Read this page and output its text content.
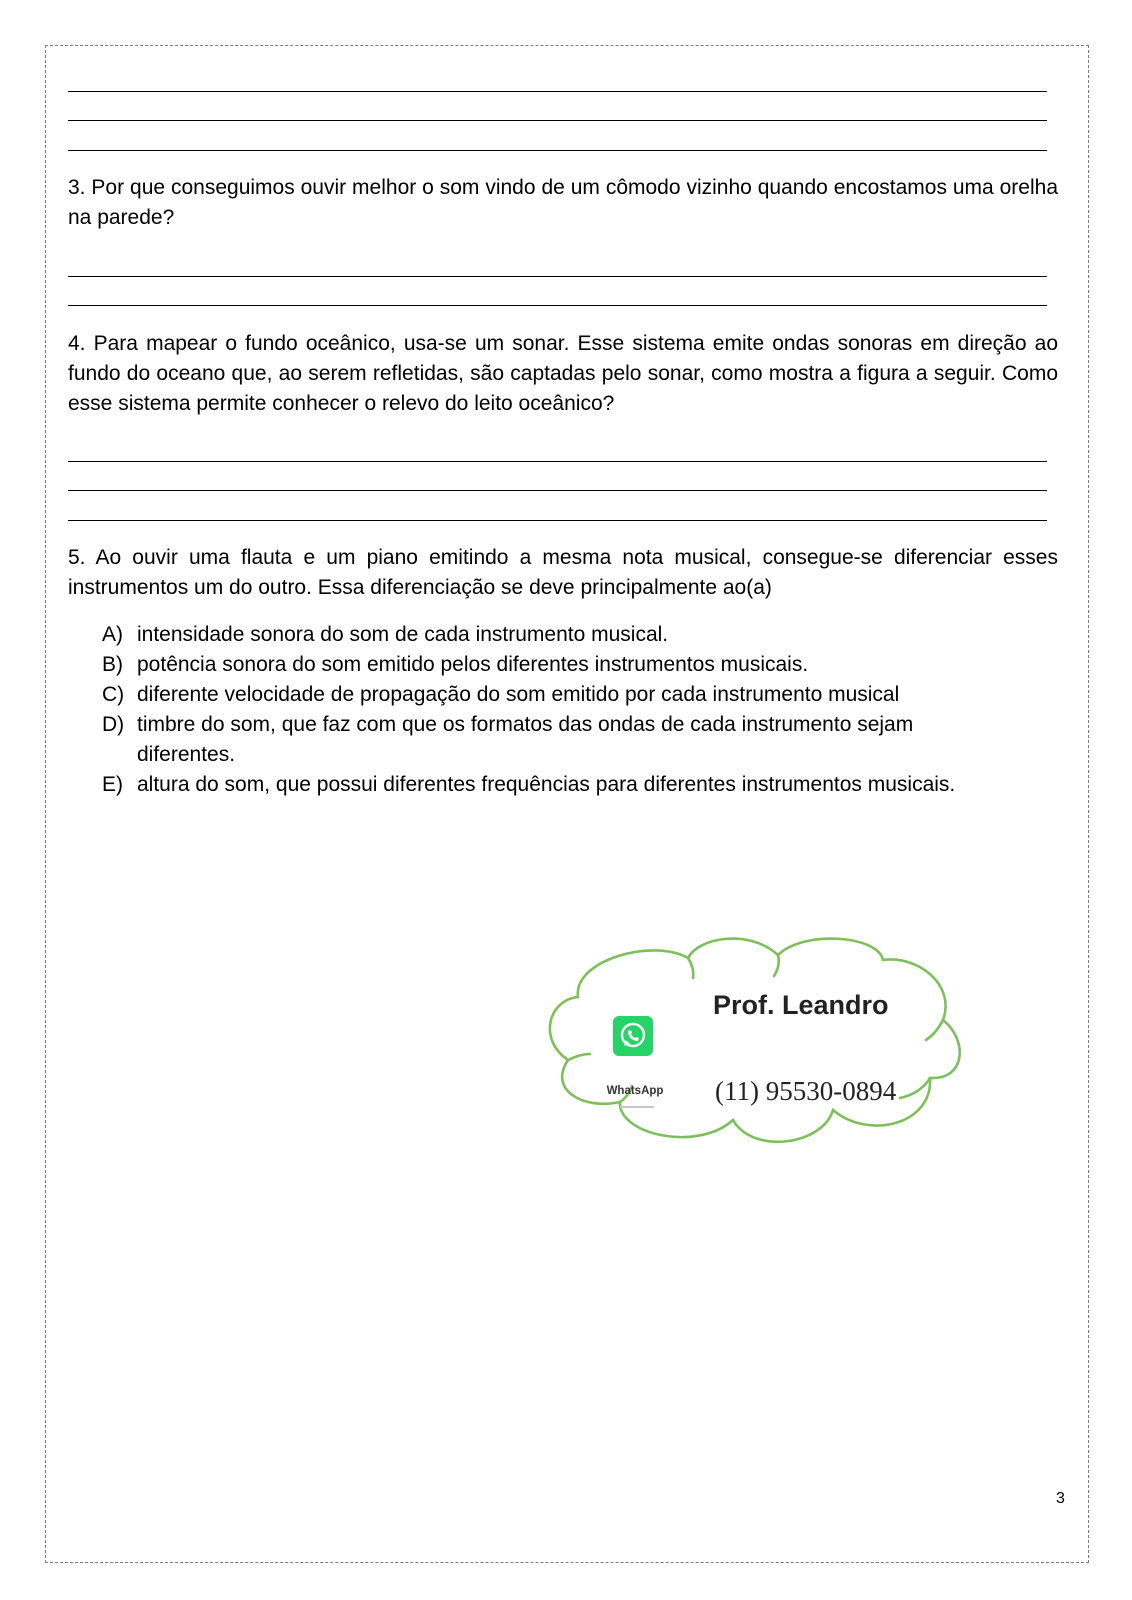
3. Por que conseguimos ouvir melhor o som vindo de um cômodo vizinho quando encostamos uma orelha na parede?
4. Para mapear o fundo oceânico, usa-se um sonar. Esse sistema emite ondas sonoras em direção ao fundo do oceano que, ao serem refletidas, são captadas pelo sonar, como mostra a figura a seguir. Como esse sistema permite conhecer o relevo do leito oceânico?
5. Ao ouvir uma flauta e um piano emitindo a mesma nota musical, consegue-se diferenciar esses instrumentos um do outro. Essa diferenciação se deve principalmente ao(a)
A) intensidade sonora do som de cada instrumento musical.
B) potência sonora do som emitido pelos diferentes instrumentos musicais.
C) diferente velocidade de propagação do som emitido por cada instrumento musical
D) timbre do som, que faz com que os formatos das ondas de cada instrumento sejam diferentes.
E) altura do som, que possui diferentes frequências para diferentes instrumentos musicais.
WhatsApp
Prof. Leandro
(11) 95530-0894
3
